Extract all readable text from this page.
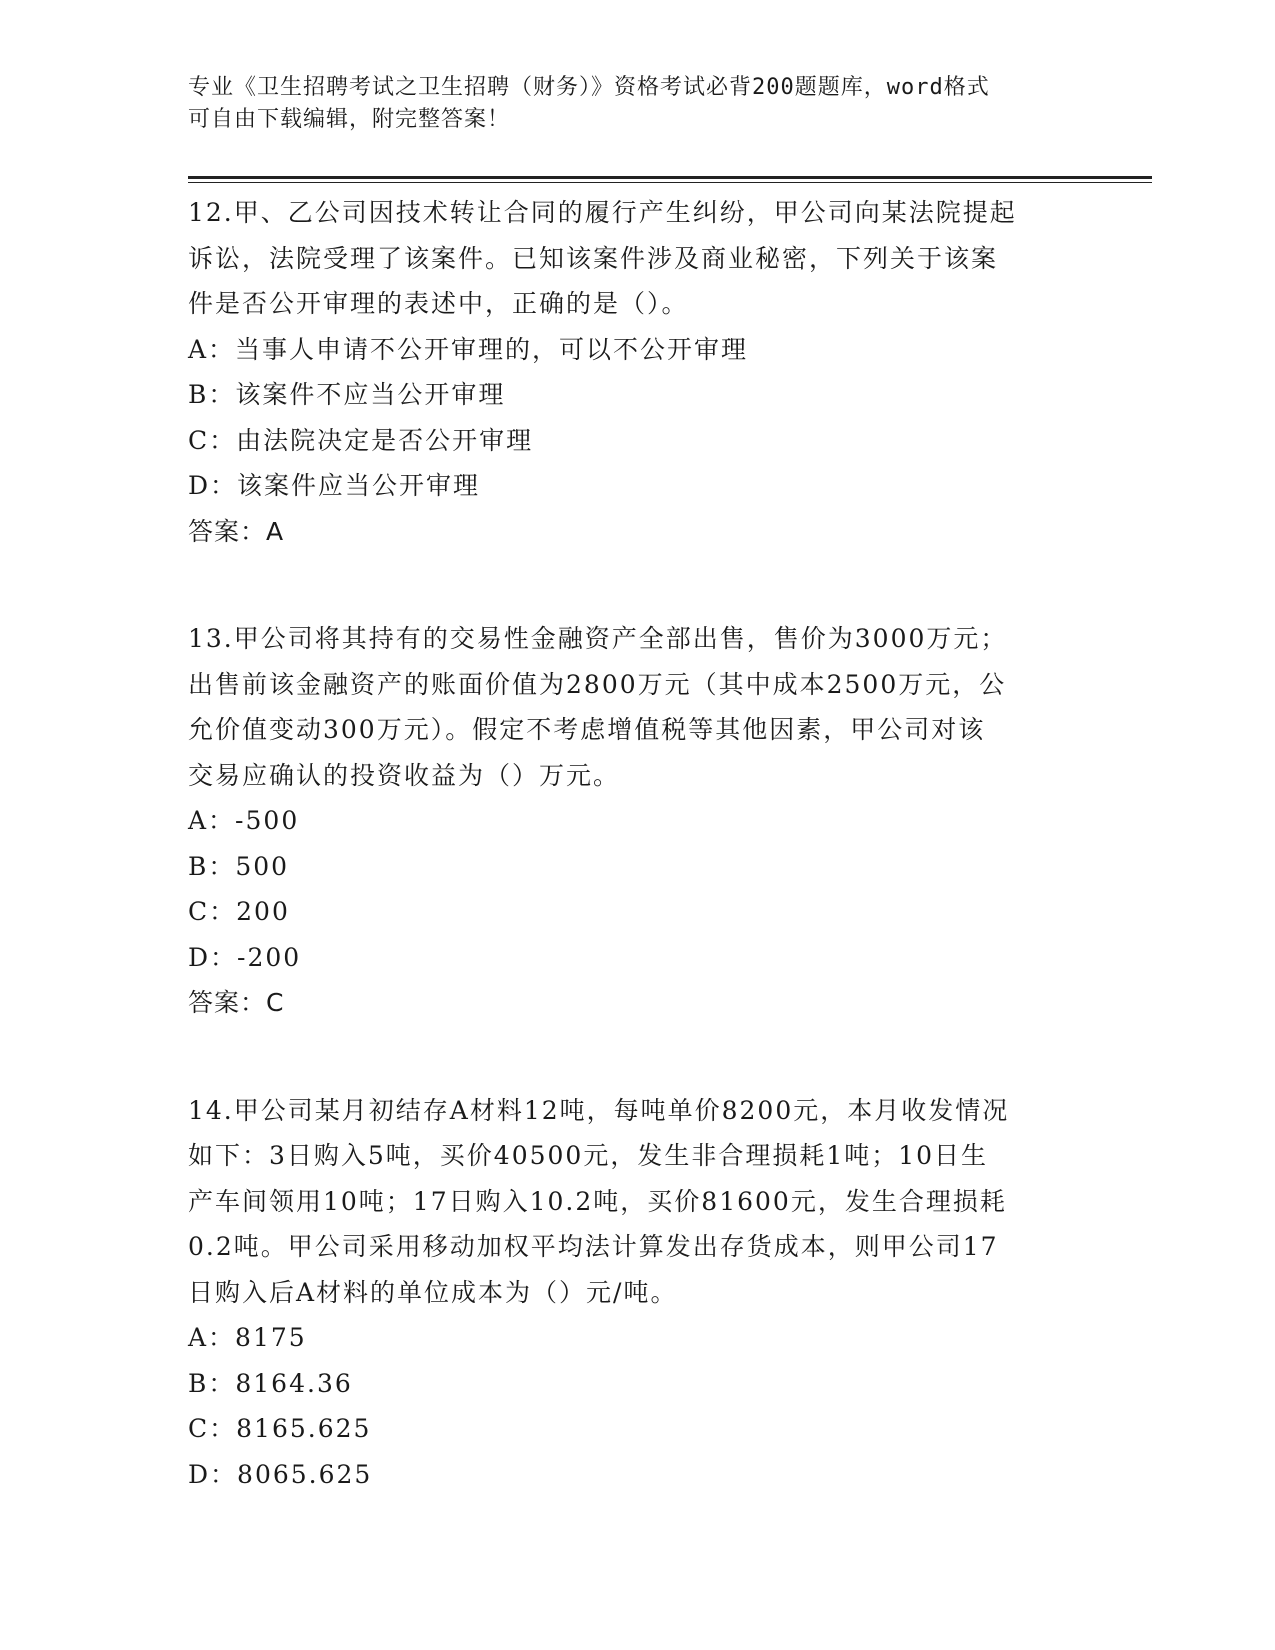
专业《卫生招聘考试之卫生招聘（财务）》资格考试必背200题题库，word格式
可自由下载编辑，附完整答案！
12.甲、乙公司因技术转让合同的履行产生纠纷，甲公司向某法院提起
诉讼，法院受理了该案件。已知该案件涉及商业秘密，下列关于该案
件是否公开审理的表述中，正确的是（）。
A：当事人申请不公开审理的，可以不公开审理
B：该案件不应当公开审理
C：由法院决定是否公开审理
D：该案件应当公开审理
答案：A
13.甲公司将其持有的交易性金融资产全部出售，售价为3000万元；
出售前该金融资产的账面价值为2800万元（其中成本2500万元，公
允价值变动300万元）。假定不考虑增值税等其他因素，甲公司对该
交易应确认的投资收益为（）万元。
A：-500
B：500
C：200
D：-200
答案：C
14.甲公司某月初结存A材料12吨，每吨单价8200元，本月收发情况
如下：3日购入5吨，买价40500元，发生非合理损耗1吨；10日生
产车间领用10吨；17日购入10.2吨，买价81600元，发生合理损耗
0.2吨。甲公司采用移动加权平均法计算发出存货成本，则甲公司17
日购入后A材料的单位成本为（）元/吨。
A：8175
B：8164.36
C：8165.625
D：8065.625
